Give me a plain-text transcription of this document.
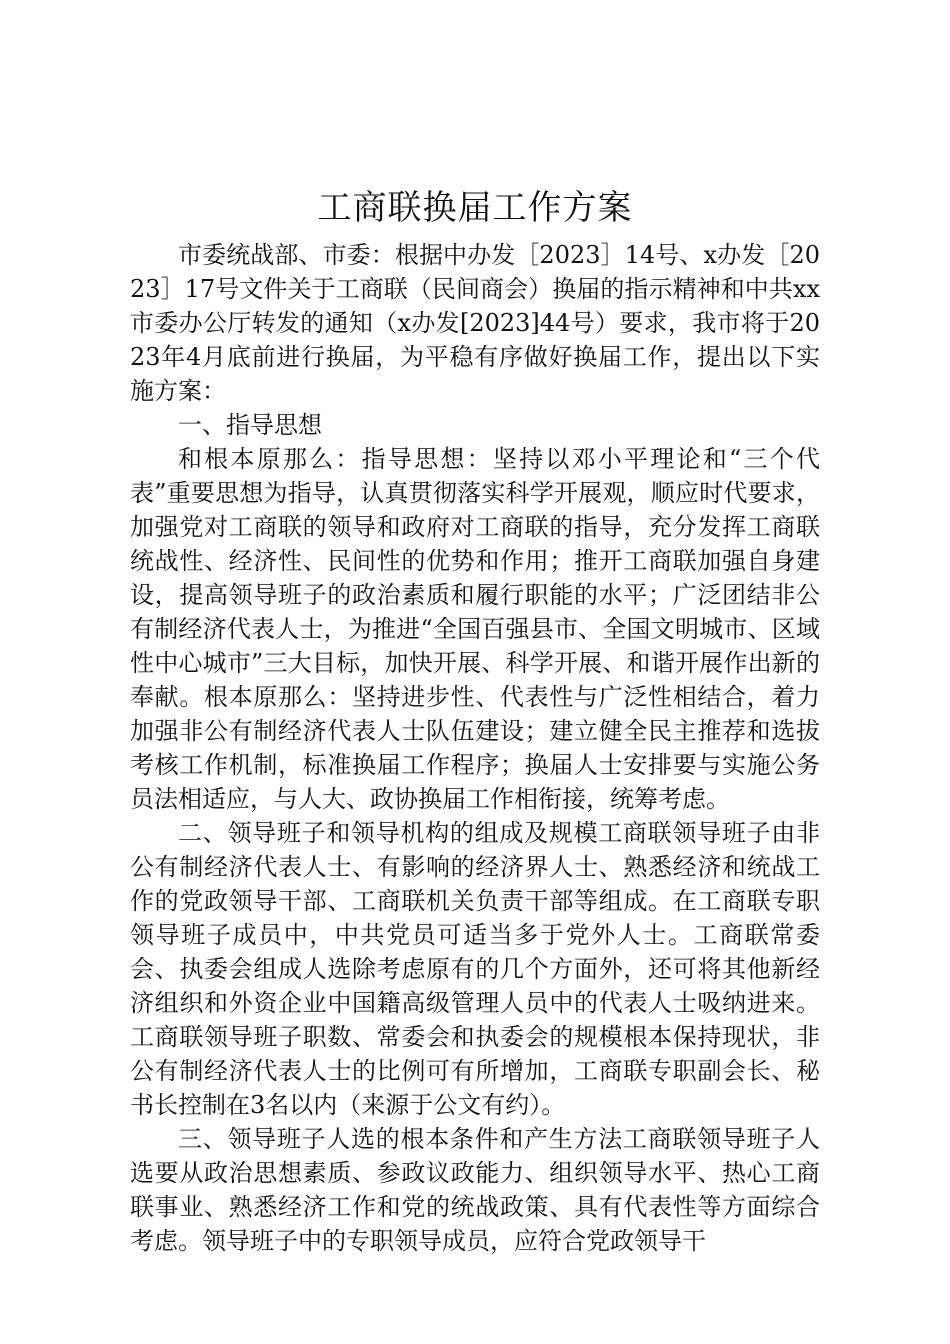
工商联换届工作方案

市委统战部、市委：根据中办发［2023］14号、x办发［2023］17号文件关于工商联（民间商会）换届的指示精神和中共xx市委办公厅转发的通知（x办发[2023]44号）要求，我市将于2023年4月底前进行换届，为平稳有序做好换届工作，提出以下实施方案：

一、指导思想

和根本原那么：指导思想：坚持以邓小平理论和“三个代表”重要思想为指导，认真贯彻落实科学开展观，顺应时代要求，加强党对工商联的领导和政府对工商联的指导，充分发挥工商联统战性、经济性、民间性的优势和作用；推开工商联加强自身建设，提高领导班子的政治素质和履行职能的水平；广泛团结非公有制经济代表人士，为推进“全国百强县市、全国文明城市、区域性中心城市”三大目标，加快开展、科学开展、和谐开展作出新的奉献。根本原那么：坚持进步性、代表性与广泛性相结合，着力加强非公有制经济代表人士队伍建设；建立健全民主推荐和选拔考核工作机制，标准换届工作程序；换届人士安排要与实施公务员法相适应，与人大、政协换届工作相衔接，统筹考虑。

二、领导班子和领导机构的组成及规模工商联领导班子由非公有制经济代表人士、有影响的经济界人士、熟悉经济和统战工作的党政领导干部、工商联机关负责干部等组成。在工商联专职领导班子成员中，中共党员可适当多于党外人士。工商联常委会、执委会组成人选除考虑原有的几个方面外，还可将其他新经济组织和外资企业中国籍高级管理人员中的代表人士吸纳进来。工商联领导班子职数、常委会和执委会的规模根本保持现状，非公有制经济代表人士的比例可有所增加，工商联专职副会长、秘书长控制在3名以内（来源于公文有约）。

三、领导班子人选的根本条件和产生方法工商联领导班子人选要从政治思想素质、参政议政能力、组织领导水平、热心工商联事业、熟悉经济工作和党的统战政策、具有代表性等方面综合考虑。领导班子中的专职领导成员，应符合党政领导干
